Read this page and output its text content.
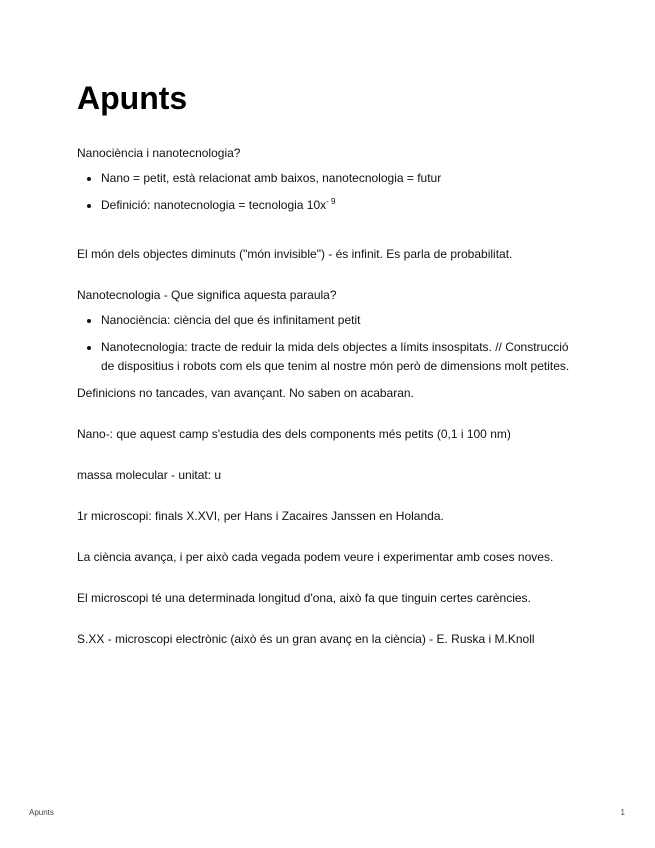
Apunts

Nanociència i nanotecnologia?

• Nano = petit, està relacionat amb baixos, nanotecnologia = futur
• Definició: nanotecnologia = tecnologia $10x^{- 9}$

El món dels objectes diminuts ("món invisible") - és infinit. Es parla de probabilitat.

Nanotecnologia - Que significa aquesta paraula?

• Nanociència: ciència del que és infinitament petit
• Nanotecnologia: tracte de reduir la mida dels objectes a límits insospitats. // Construcció de dispositius i robots com els que tenim al nostre món però de dimensions molt petites.

Definicions no tancades, van avançant. No saben on acabaran.

Nano-: que aquest camp s'estudia des dels components més petits (0,1 i 100 nm)

massa molecular - unitat: u

1r microscopi: finals X.XVI, per Hans i Zacaires Janssen en Holanda.

La ciència avança, i per això cada vegada podem veure i experimentar amb coses noves.

El microscopi té una determinada longitud d'ona, això fa que tinguin certes carències.

S.XX - microscopi electrònic (això és un gran avanç en la ciència) - E. Ruska i M.Knoll

Apunts	1
